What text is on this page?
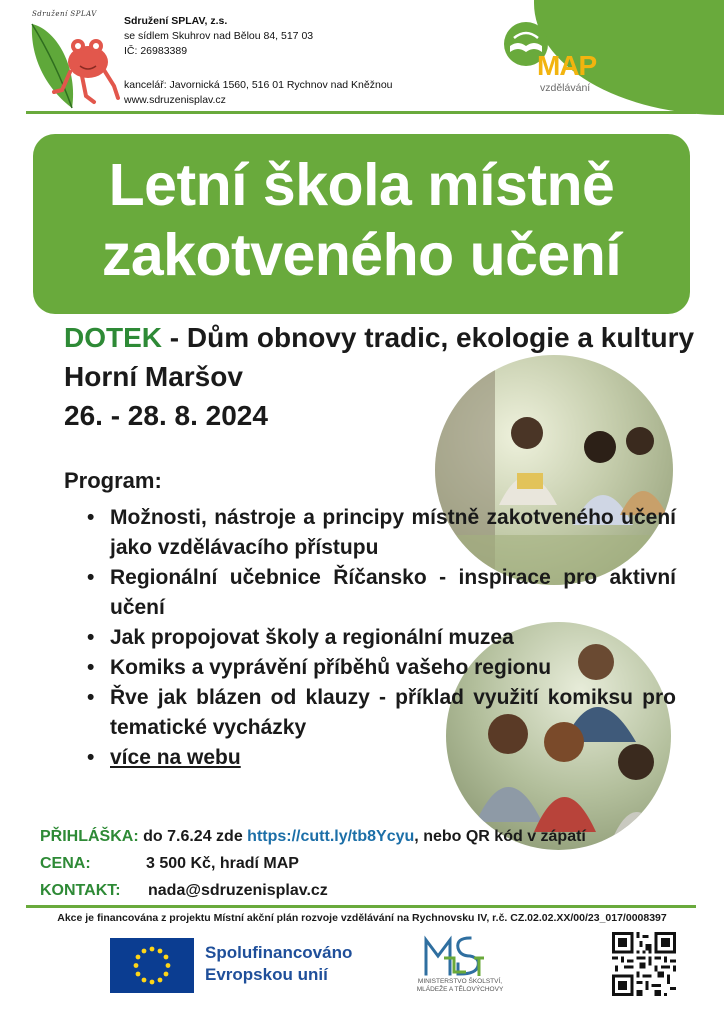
Sdružení SPLAV
Sdružení SPLAV, z.s.
se sídlem Skuhrov nad Bělou 84, 517 03
IČ: 26983389
kancelář: Javornická 1560, 516 01 Rychnov nad Kněžnou
www.sdruzenisplav.cz
MAP
vzdělávání
Letní škola místně
zakotveného učení
DOTEK - Dům obnovy tradic, ekologie a kultury
Horní Maršov
26. - 28. 8. 2024
Program:
• Možnosti, nástroje a principy místně zakotveného učení jako vzdělávacího přístupu
• Regionální učebnice Říčansko - inspirace pro aktivní učení
• Jak propojovat školy a regionální muzea
• Komiks a vyprávění příběhů vašeho regionu
• Řve jak blázen od klauzy - příklad využití komiksu pro tematické vycházky
• více na webu
PŘIHLÁŠKA: do 7.6.24 zde https://cutt.ly/tb8Ycyu, nebo QR kód v zápatí
CENA:	3 500 Kč, hradí MAP
KONTAKT: nada@sdruzenisplav.cz
Akce je financována z projektu Místní akční plán rozvoje vzdělávání na Rychnovsku IV, r.č. CZ.02.02.XX/00/23_017/0008397
Spolufinancováno
Evropskou unií	MINISTERSTVO ŠKOLSTVÍ,
MLÁDEŽE A TĚLOVÝCHOVY
